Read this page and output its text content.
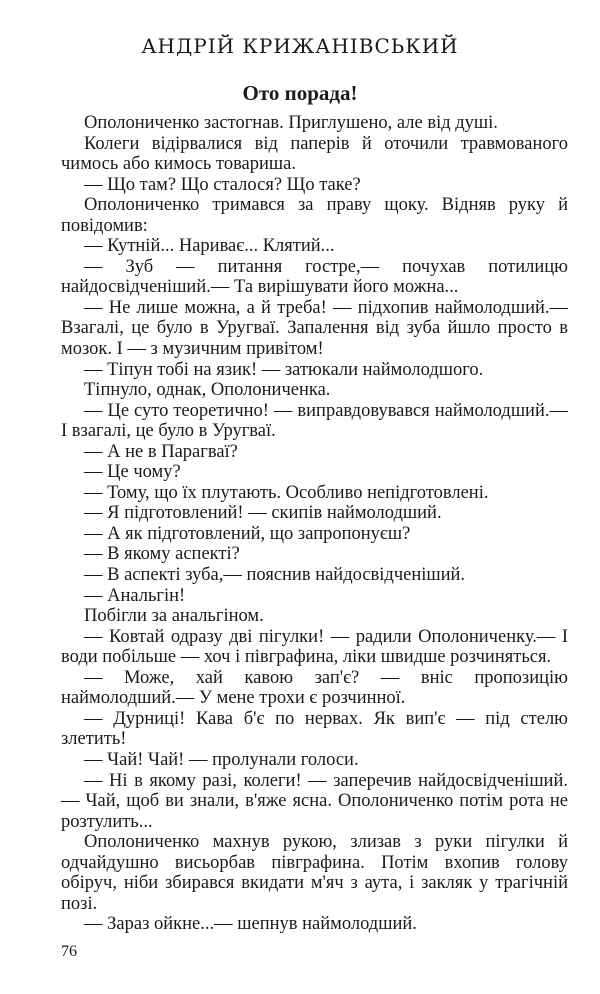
АНДРІЙ КРИЖАНІВСЬКИЙ
Ото порада!

Ополониченко застогнав. Приглушено, але від душі.

Колеги відірвалися від паперів й оточили травмованого чимось або кимось товариша.

— Що там? Що сталося? Що таке?

Ополониченко тримався за праву щоку. Відняв руку й повідомив:

— Кутній... Нариває... Клятий...

— Зуб — питання гостре,— почухав потилицю найдосвідченіший.— Та вирішувати його можна...

— Не лише можна, а й треба! — підхопив наймолодший.— Взагалі, це було в Уругваї. Запалення від зуба йшло просто в мозок. І — з музичним привітом!

— Тіпун тобі на язик! — затюкали наймолодшого.

Тіпнуло, однак, Ополониченка.

— Це суто теоретично! — виправдовувався наймолодший.— І взагалі, це було в Уругваї.

— А не в Парагваї?

— Це чому?

— Тому, що їх плутають. Особливо непідготовлені.

— Я підготовлений! — скипів наймолодший.

— А як підготовлений, що запропонуєш?

— В якому аспекті?

— В аспекті зуба,— пояснив найдосвідченіший.

— Анальгін!

Побігли за анальгіном.

— Ковтай одразу дві пігулки! — радили Ополониченку.— І води побільше — хоч і півграфина, ліки швидше розчиняться.

— Може, хай кавою зап'є? — вніс пропозицію наймолодший.— У мене трохи є розчинної.

— Дурниці! Кава б'є по нервах. Як вип'є — під стелю злетить!

— Чай! Чай! — пролунали голоси.

— Ні в якому разі, колеги! — заперечив найдосвідченіший.— Чай, щоб ви знали, в'яже ясна. Ополониченко потім рота не розтулить...

Ополониченко махнув рукою, злизав з руки пігулки й одчайдушно висьорбав півграфина. Потім вхопив голову обіруч, ніби збирався вкидати м'яч з аута, і закляк у трагічній позі.

— Зараз ойкне...— шепнув наймолодший.

76
